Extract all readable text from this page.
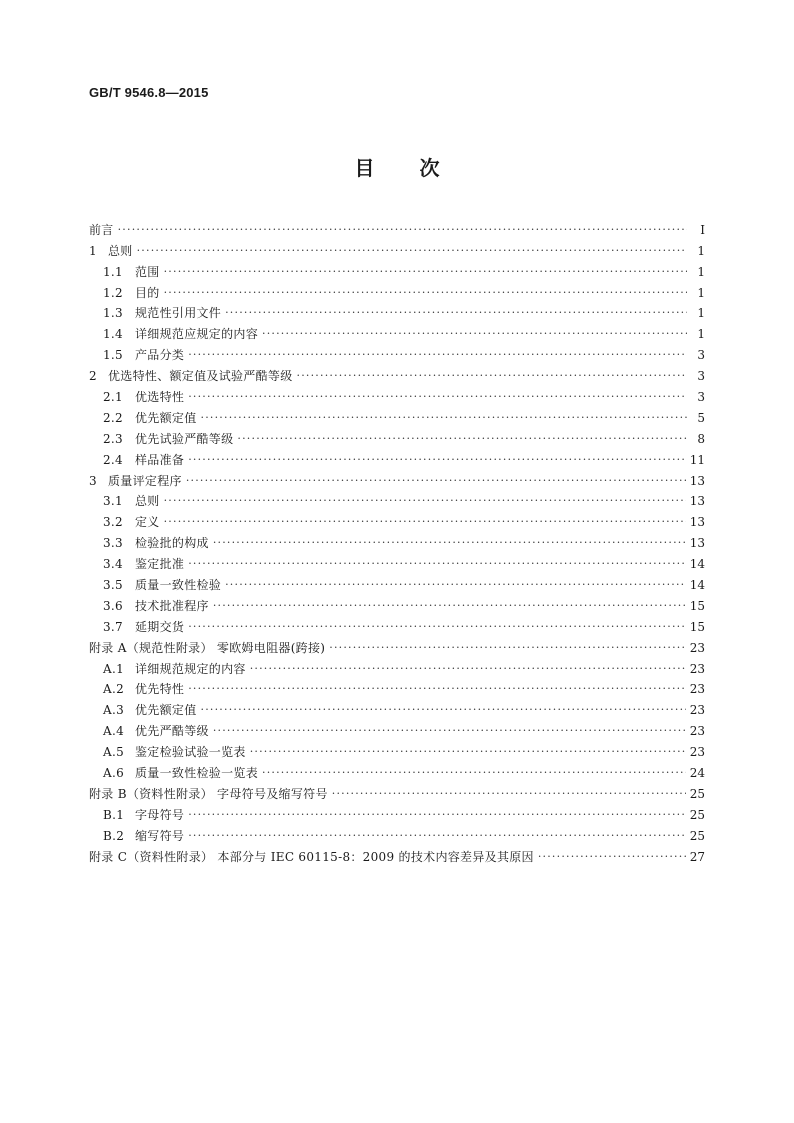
GB/T 9546.8—2015
目 次
前言 ·····	Ⅰ
1 总则 ·····	1
1.1 范围 ·····	1
1.2 目的 ·····	1
1.3 规范性引用文件 ·····	1
1.4 详细规范应规定的内容 ·····	1
1.5 产品分类 ·····	3
2 优选特性、额定值及试验严酷等级 ·····	3
2.1 优选特性 ·····	3
2.2 优先额定值 ·····	5
2.3 优先试验严酷等级 ·····	8
2.4 样品准备 ·····	11
3 质量评定程序 ·····	13
3.1 总则 ·····	13
3.2 定义 ·····	13
3.3 检验批的构成 ·····	13
3.4 鉴定批准 ·····	14
3.5 质量一致性检验 ·····	14
3.6 技术批准程序 ·····	15
3.7 延期交货 ·····	15
附录 A（规范性附录） 零欧姆电阻器(跨接) ·····	23
A.1 详细规范规定的内容 ·····	23
A.2 优先特性 ·····	23
A.3 优先额定值 ·····	23
A.4 优先严酷等级 ·····	23
A.5 鉴定检验试验一览表 ·····	23
A.6 质量一致性检验一览表 ·····	24
附录 B（资料性附录） 字母符号及缩写符号 ·····	25
B.1 字母符号 ·····	25
B.2 缩写符号 ·····	25
附录 C（资料性附录） 本部分与 IEC 60115-8：2009 的技术内容差异及其原因 ·····	27
